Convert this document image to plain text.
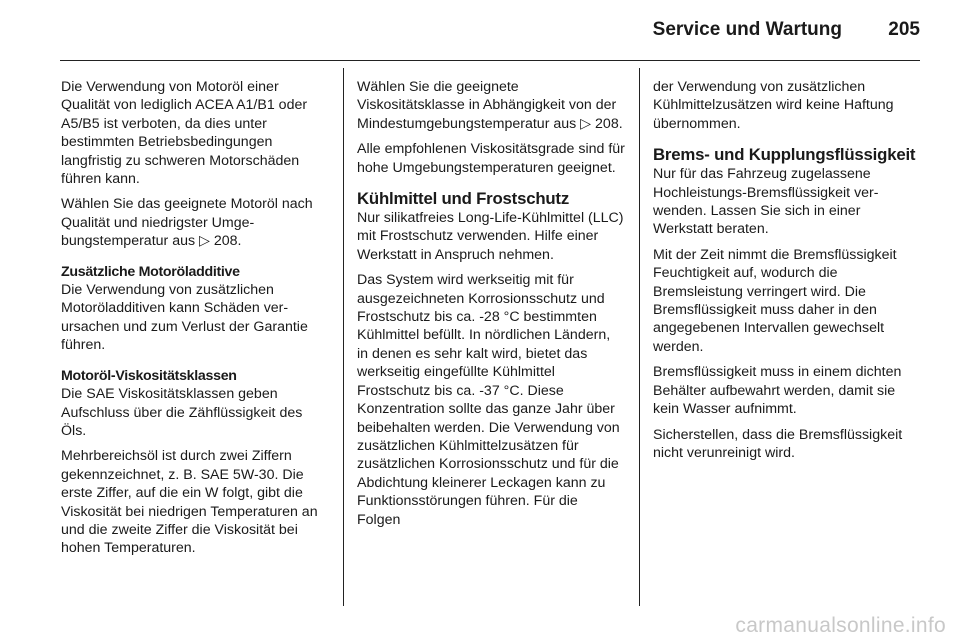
Service und Wartung 205

Die Verwendung von Motoröl einer Qualität von lediglich ACEA A1/B1 oder A5/B5 ist verboten, da dies unter bestimmten Betriebsbedingungen langfristig zu schweren Motorschäden führen kann.

Wählen Sie das geeignete Motoröl nach Qualität und niedrigster Umgebungstemperatur aus ▷ 208.

Zusätzliche Motoröladditive

Die Verwendung von zusätzlichen Motoröladditiven kann Schäden verursachen und zum Verlust der Garantie führen.

Motoröl-Viskositätsklassen

Die SAE Viskositätsklassen geben Aufschluss über die Zähflüssigkeit des Öls.

Mehrbereichsöl ist durch zwei Ziffern gekennzeichnet, z. B. SAE 5W-30. Die erste Ziffer, auf die ein W folgt, gibt die Viskosität bei niedrigen Temperaturen an und die zweite Ziffer die Viskosität bei hohen Temperaturen.

Wählen Sie die geeignete Viskositätsklasse in Abhängigkeit von der Mindestumgebungstemperatur aus ▷ 208.

Alle empfohlenen Viskositätsgrade sind für hohe Umgebungstemperaturen geeignet.

Kühlmittel und Frostschutz

Nur silikatfreies Long-Life-Kühlmittel (LLC) mit Frostschutz verwenden. Hilfe einer Werkstatt in Anspruch nehmen.

Das System wird werkseitig mit für ausgezeichneten Korrosionsschutz und Frostschutz bis ca. -28 °C bestimmten Kühlmittel befüllt. In nördlichen Ländern, in denen es sehr kalt wird, bietet das werkseitig eingefüllte Kühlmittel Frostschutz bis ca. -37 °C. Diese Konzentration sollte das ganze Jahr über beibehalten werden. Die Verwendung von zusätzlichen Kühlmittelzusätzen für zusätzlichen Korrosionsschutz und für die Abdichtung kleinerer Leckagen kann zu Funktionsstörungen führen. Für die Folgen

der Verwendung von zusätzlichen Kühlmittelzusätzen wird keine Haftung übernommen.

Brems- und Kupplungsflüssigkeit

Nur für das Fahrzeug zugelassene Hochleistungs-Bremsflüssigkeit verwenden. Lassen Sie sich in einer Werkstatt beraten.

Mit der Zeit nimmt die Bremsflüssigkeit Feuchtigkeit auf, wodurch die Bremsleistung verringert wird. Die Bremsflüssigkeit muss daher in den angegebenen Intervallen gewechselt werden.

Bremsflüssigkeit muss in einem dichten Behälter aufbewahrt werden, damit sie kein Wasser aufnimmt.

Sicherstellen, dass die Bremsflüssigkeit nicht verunreinigt wird.

carmanualsonline.info
